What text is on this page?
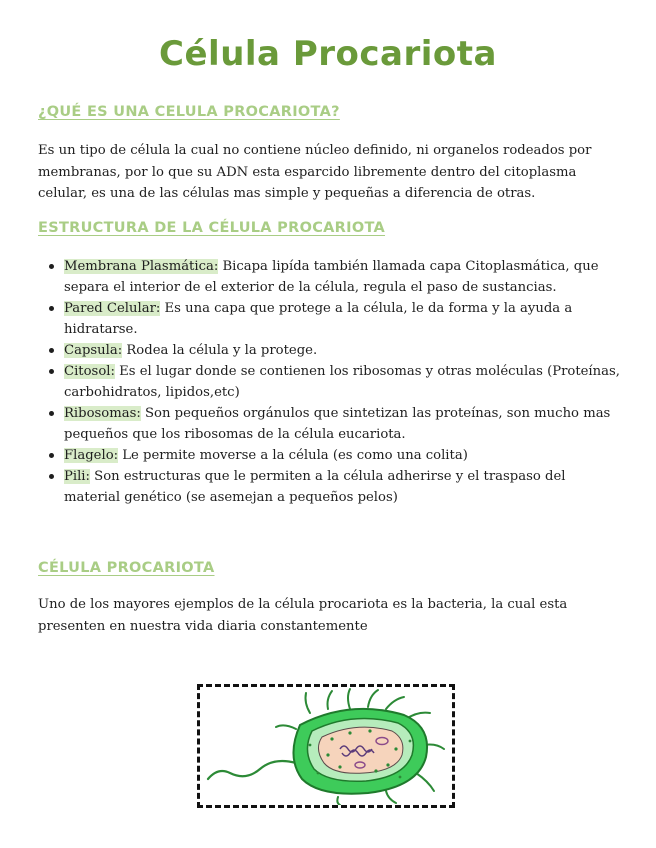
Célula Procariota
¿QUÉ ES UNA CELULA PROCARIOTA?

Es un tipo de célula la cual no contiene núcleo definido, ni organelos rodeados por membranas, por lo que su ADN esta esparcido libremente dentro del citoplasma celular, es una de las células mas simple y pequeñas a diferencia de otras.

ESTRUCTURA DE LA CÉLULA PROCARIOTA
Membrana Plasmática: Bicapa lipída también llamada capa Citoplasmática, que separa el interior de el exterior de la célula, regula el paso de sustancias.
Pared Celular: Es una capa que protege a la célula, le da forma y la ayuda a hidratarse.
Capsula: Rodea la célula y la protege.
Citosol: Es el lugar donde se contienen los ribosomas y otras moléculas (Proteínas, carbohidratos, lipidos,etc)
Ribosomas: Son pequeños orgánulos que sintetizan las proteínas, son mucho mas pequeños que los ribosomas de la célula eucariota.
Flagelo: Le permite moverse a la célula (es como una colita)
Pili: Son estructuras que le permiten a la célula adherirse y el traspaso del material genético (se asemejan a pequeños pelos)
CÉLULA PROCARIOTA

Uno de los mayores ejemplos de la célula procariota es la bacteria, la cual esta presenten en nuestra vida diaria constantemente
